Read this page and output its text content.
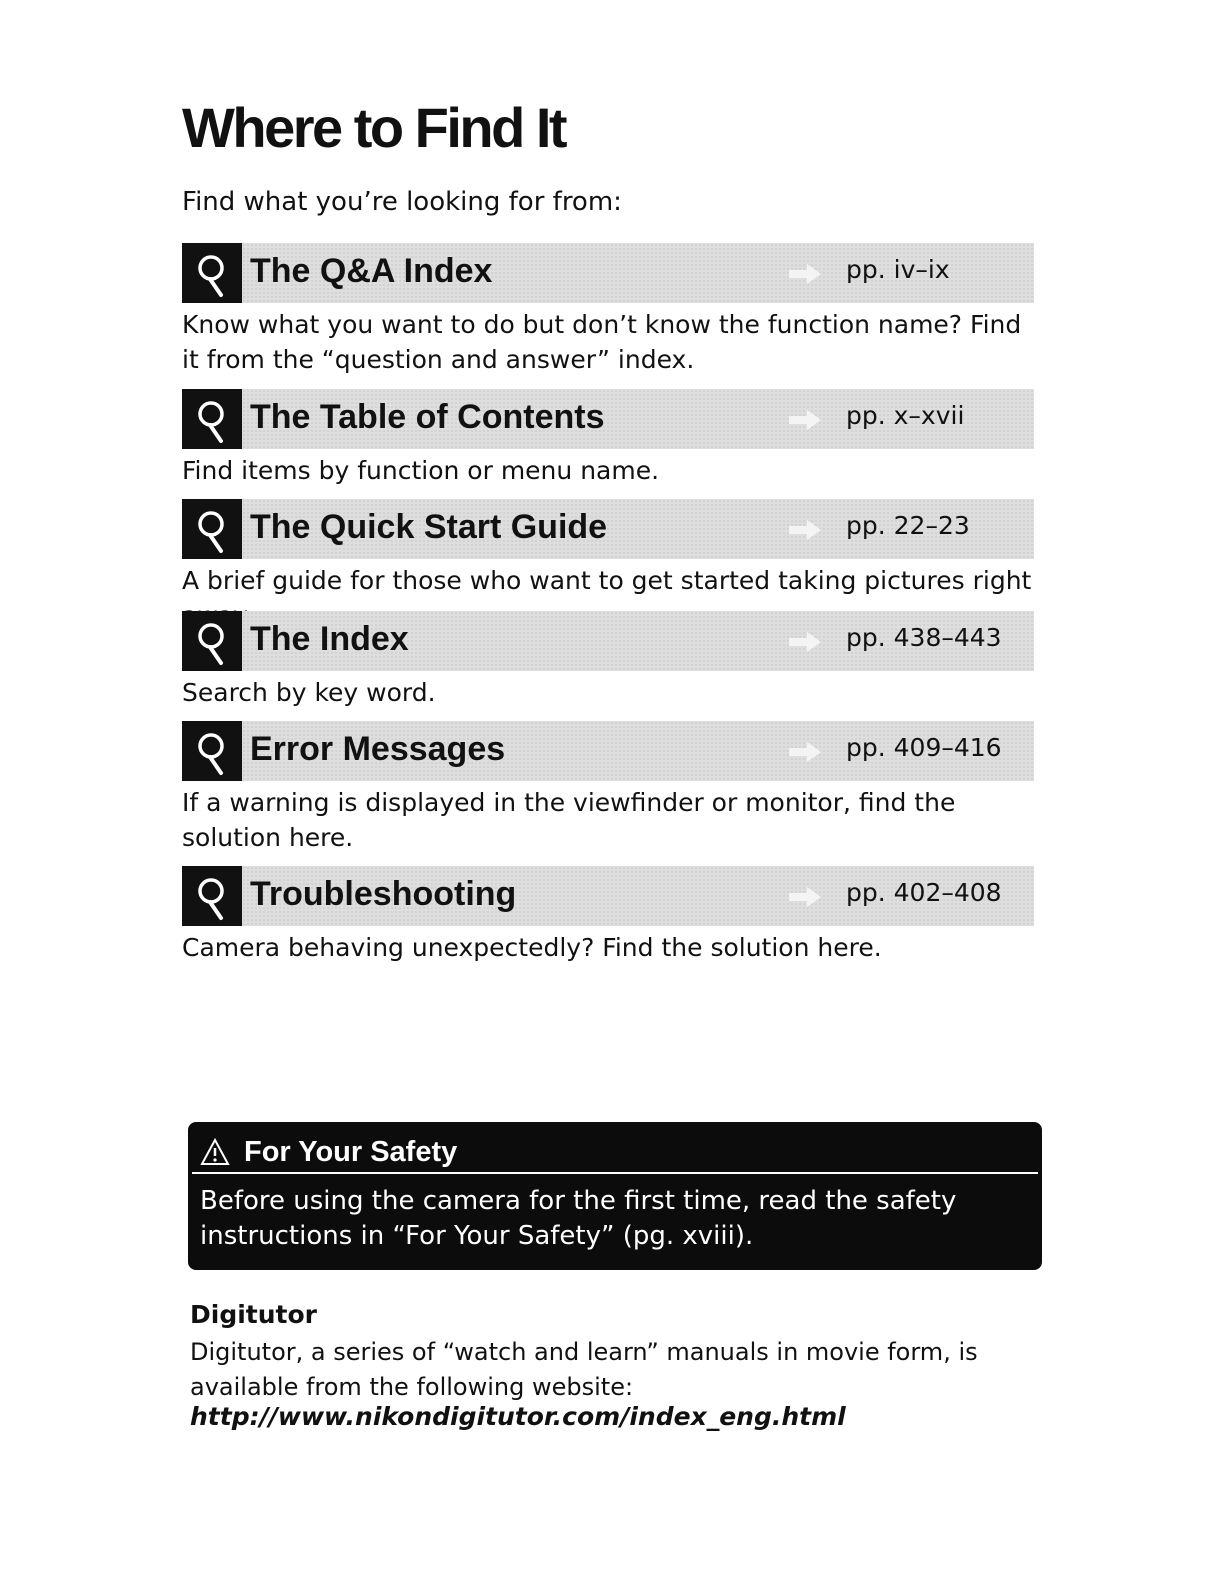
Where to Find It

Find what you’re looking for from:

The Q&A Index	pp. iv–ix

Know what you want to do but don’t know the function name? Find it from the “question and answer” index.

The Table of Contents	pp. x–xvii

Find items by function or menu name.

The Quick Start Guide	pp. 22–23

A brief guide for those who want to get started taking pictures right

The Index	pp. 438–443

Search by key word.

Error Messages	pp. 409–416

If a warning is displayed in the viewfinder or monitor, find the solution here.

Troubleshooting	pp. 402–408

Camera behaving unexpectedly? Find the solution here.

For Your Safety

Before using the camera for the first time, read the safety instructions in “For Your Safety” (pg. xviii).

Digitutor

Digitutor, a series of “watch and learn” manuals in movie form, is available from the following website:

http://www.nikondigitutor.com/index_eng.html
